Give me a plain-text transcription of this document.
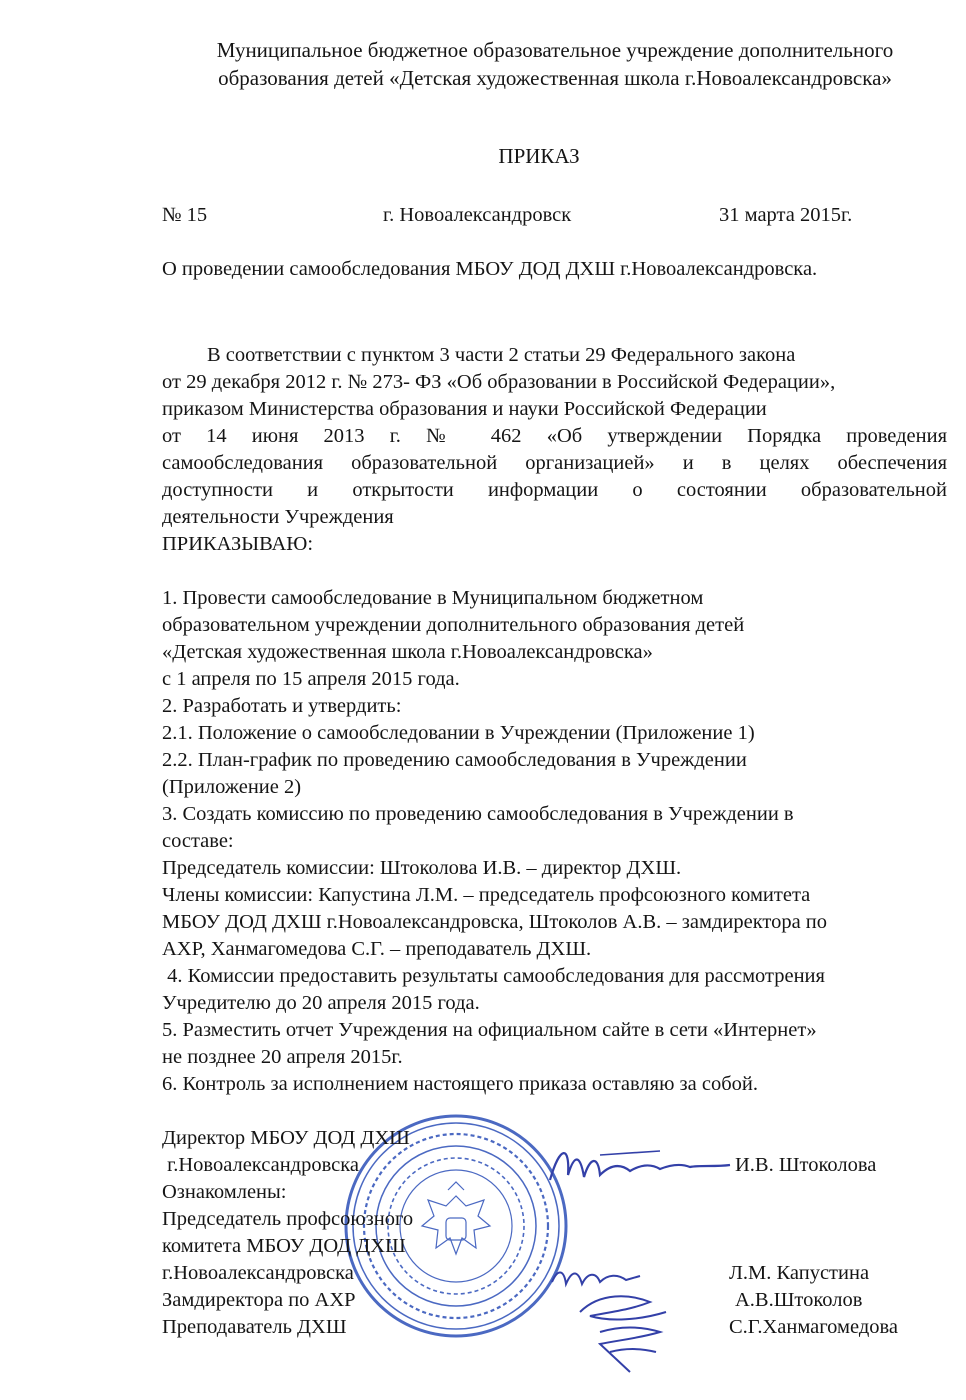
Муниципальное бюджетное образовательное учреждение дополнительного
образования детей «Детская художественная школа г.Новоалександровска»
ПРИКАЗ
№ 15	г. Новоалександровск	31 марта 2015г.
О проведении самообследования МБОУ ДОД ДХШ г.Новоалександровска.
В соответствии с пунктом 3 части 2 статьи 29 Федерального закона
от 29 декабря 2012 г. № 273- ФЗ «Об образовании в Российской Федерации»,
приказом Министерства образования и науки Российской Федерации
от 14 июня 2013 г. № 462 «Об утверждении Порядка проведения
самообследования образовательной организацией» и в целях обеспечения
доступности и открытости информации о состоянии образовательной
деятельности Учреждения
ПРИКАЗЫВАЮ:
1. Провести самообследование в Муниципальном бюджетном
образовательном учреждении дополнительного образования детей
«Детская художественная школа г.Новоалександровска»
с 1 апреля по 15 апреля 2015 года.
2. Разработать и утвердить:
2.1. Положение о самообследовании в Учреждении (Приложение 1)
2.2. План-график по проведению самообследования в Учреждении
(Приложение 2)
3. Создать комиссию по проведению самообследования в Учреждении в
составе:
Председатель комиссии: Штоколова И.В. – директор ДХШ.
Члены комиссии: Капустина Л.М. – председатель профсоюзного комитета
МБОУ ДОД ДХШ г.Новоалександровска, Штоколов А.В. – замдиректора по
АХР, Ханмагомедова С.Г. – преподаватель ДХШ.
4. Комиссии предоставить результаты самообследования для рассмотрения
Учредителю до 20 апреля 2015 года.
5. Разместить отчет Учреждения на официальном сайте в сети «Интернет»
не позднее 20 апреля 2015г.
6. Контроль за исполнением настоящего приказа оставляю за собой.
Директор МБОУ ДОД ДХШ
г.Новоалександровска	И.В. Штоколова
Ознакомлены:
Председатель профсоюзного
комитета МБОУ ДОД ДХШ
г.Новоалександровска	Л.М. Капустина
Замдиректора по АХР	А.В.Штоколов
Преподаватель ДХШ	С.Г.Ханмагомедова
